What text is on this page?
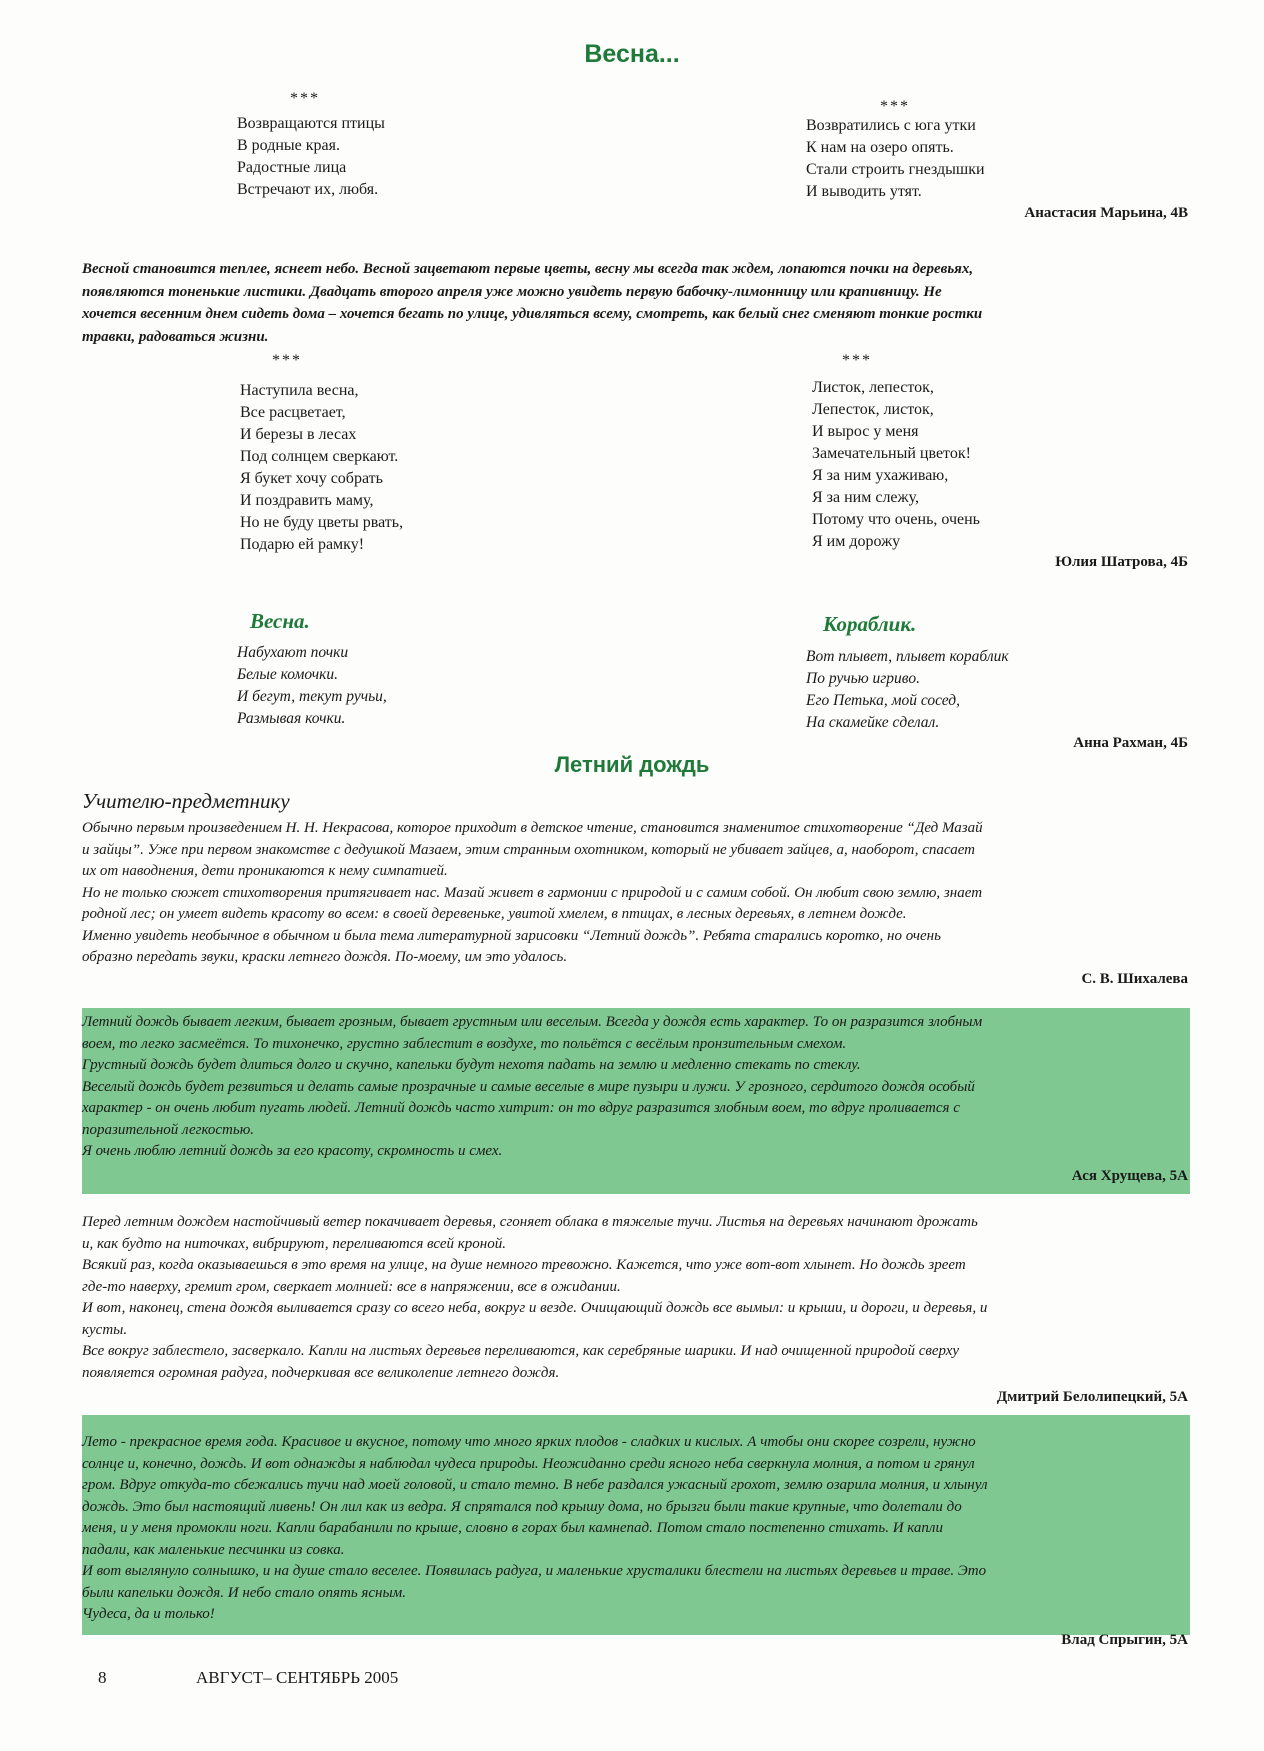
Весна...
***
Возвращаются птицы
В родные края.
Радостные лица
Встречают их, любя.
***
Возвратились с юга утки
К нам на озеро опять.
Стали строить гнездышки
И выводить утят.
Анастасия Марьина, 4В
Весной становится теплее, яснеет небо. Весной зацветают первые цветы, весну мы всегда так ждем, лопаются почки на деревьях,
появляются тоненькие листики. Двадцать второго апреля уже можно увидеть первую бабочку-лимонницу или крапивницу. Не
хочется весенним днем сидеть дома – хочется бегать по улице, удивляться всему, смотреть, как белый снег сменяют тонкие ростки
травки, радоваться жизни.
***
Наступила весна,
Все расцветает,
И березы в лесах
Под солнцем сверкают.
Я букет хочу собрать
И поздравить маму,
Но не буду цветы рвать,
Подарю ей рамку!
***
Листок, лепесток,
Лепесток, листок,
И вырос у меня
Замечательный цветок!
Я за ним ухаживаю,
Я за ним слежу,
Потому что очень, очень
Я им дорожу
Юлия Шатрова, 4Б
Весна.
Набухают почки
Белые комочки.
И бегут, текут ручьи,
Размывая кочки.
Кораблик.
Вот плывет, плывет кораблик
По ручью игриво.
Его Петька, мой сосед,
На скамейке сделал.
Анна Рахман, 4Б
Летний дождь
Учителю-предметнику
Обычно первым произведением Н. Н. Некрасова, которое приходит в детское чтение, становится знаменитое стихотворение “Дед Мазай
и зайцы”. Уже при первом знакомстве с дедушкой Мазаем, этим странным охотником, который не убивает зайцев, а, наоборот, спасает
их от наводнения, дети проникаются к нему симпатией.
Но не только сюжет стихотворения притягивает нас. Мазай живет в гармонии с природой и с самим собой. Он любит свою землю, знает
родной лес; он умеет видеть красоту во всем: в своей деревеньке, увитой хмелем, в птицах, в лесных деревьях, в летнем дожде.
Именно увидеть необычное в обычном и была тема литературной зарисовки “Летний дождь”. Ребята старались коротко, но очень
образно передать звуки, краски летнего дождя. По-моему, им это удалось.
С. В. Шихалева
Летний дождь бывает легким, бывает грозным, бывает грустным или веселым. Всегда у дождя есть характер. То он разразится злобным
воем, то легко засмеётся. То тихонечко, грустно заблестит в воздухе, то польётся с весёлым пронзительным смехом.
Грустный дождь будет длиться долго и скучно, капельки будут нехотя падать на землю и медленно стекать по стеклу.
Веселый дождь будет резвиться и делать самые прозрачные и самые веселые в мире пузыри и лужи. У грозного, сердитого дождя особый
характер - он очень любит пугать людей. Летний дождь часто хитрит: он то вдруг разразится злобным воем, то вдруг проливается с
поразительной легкостью.
Я очень люблю летний дождь за его красоту, скромность и смех.
Ася Хрущева, 5А
Перед летним дождем настойчивый ветер покачивает деревья, сгоняет облака в тяжелые тучи. Листья на деревьях начинают дрожать
и, как будто на ниточках, вибрируют, переливаются всей кроной.
Всякий раз, когда оказываешься в это время на улице, на душе немного тревожно. Кажется, что уже вот-вот хлынет. Но дождь зреет
где-то наверху, гремит гром, сверкает молнией: все в напряжении, все в ожидании.
И вот, наконец, стена дождя выливается сразу со всего неба, вокруг и везде. Очищающий дождь все вымыл: и крыши, и дороги, и деревья, и
кусты.
Все вокруг заблестело, засверкало. Капли на листьях деревьев переливаются, как серебряные шарики. И над очищенной природой сверху
появляется огромная радуга, подчеркивая все великолепие летнего дождя.
Дмитрий Белолипецкий, 5А
Лето - прекрасное время года. Красивое и вкусное, потому что много ярких плодов - сладких и кислых. А чтобы они скорее созрели, нужно
солнце и, конечно, дождь. И вот однажды я наблюдал чудеса природы. Неожиданно среди ясного неба сверкнула молния, а потом и грянул
гром. Вдруг откуда-то сбежались тучи над моей головой, и стало темно. В небе раздался ужасный грохот, землю озарила молния, и хлынул
дождь. Это был настоящий ливень! Он лил как из ведра. Я спрятался под крышу дома, но брызги были такие крупные, что долетали до
меня, и у меня промокли ноги. Капли барабанили по крыше, словно в горах был камнепад. Потом стало постепенно стихать. И капли
падали, как маленькие песчинки из совка.
И вот выглянуло солнышко, и на душе стало веселее. Появилась радуга, и маленькие хрусталики блестели на листьях деревьев и траве. Это
были капельки дождя. И небо стало опять ясным.
Чудеса, да и только!
Влад Спрыгин, 5А
8	АВГУСТ– СЕНТЯБРЬ 2005
